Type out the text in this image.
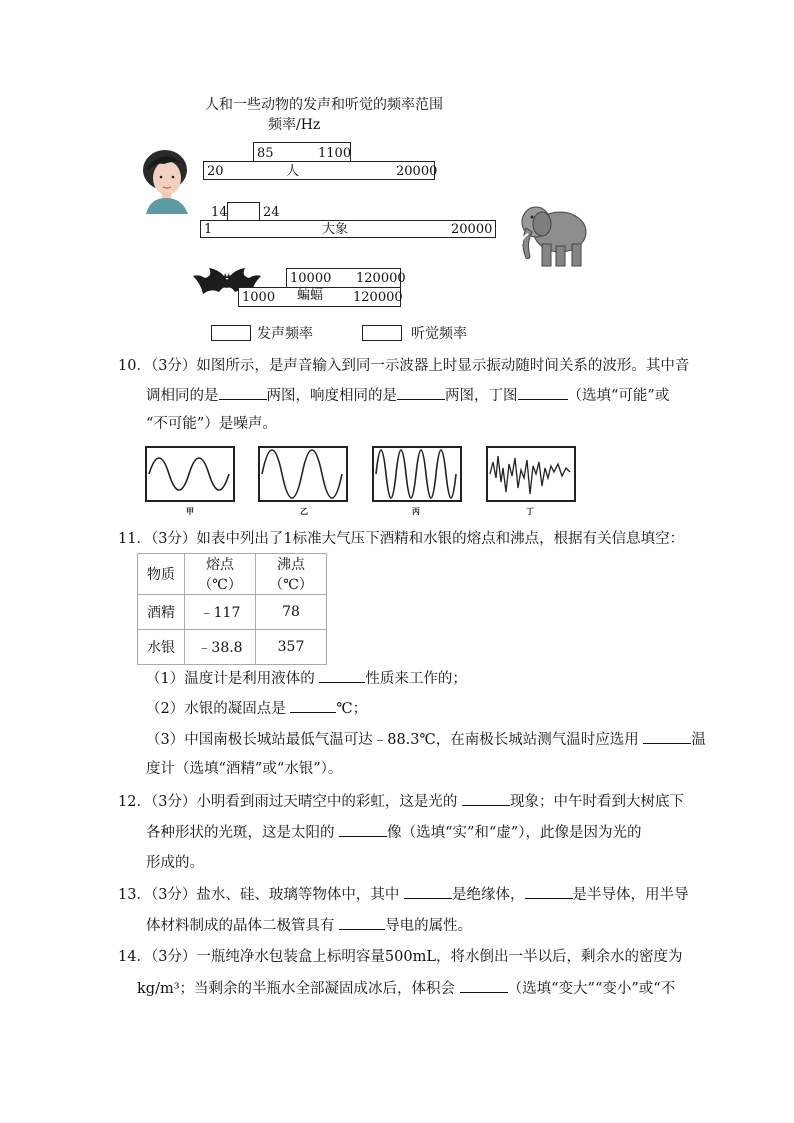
人和一些动物的发声和听觉的频率范围
频率/Hz
85	1100
20	人	20000
14	24
1	大象	20000
10000 120000
1000 蝙蝠 120000
发声频率	听觉频率
10．（3分）如图所示，是声音输入到同一示波器上时显示振动随时间关系的波形。其中音
调相同的是	两图，响度相同的是	两图，丁图	（选填“可能”或
“不可能”）是噪声。
甲	乙	丙	丁
11．（3分）如表中列出了1标准大气压下酒精和水银的熔点和沸点，根据有关信息填空：
物质	熔点（℃）	沸点（℃）
酒精	﹣117	78
水银	﹣38.8	357
（1）温度计是利用液体的	性质来工作的；
（2）水银的凝固点是	℃；
（3）中国南极长城站最低气温可达﹣88.3℃，在南极长城站测气温时应选用	温
度计（选填“酒精”或“水银”）。
12．（3分）小明看到雨过天晴空中的彩虹，这是光的	现象；中午时看到大树底下
各种形状的光斑，这是太阳的	像（选填“实”和“虚”），此像是因为光的
形成的。
13．（3分）盐水、硅、玻璃等物体中，其中	是绝缘体，	是半导体，用半导
体材料制成的晶体二极管具有	导电的属性。
14．（3分）一瓶纯净水包装盒上标明容量500mL，将水倒出一半以后，剩余水的密度为
kg/m³；当剩余的半瓶水全部凝固成冰后，体积会	（选填“变大”“变小”或“不
